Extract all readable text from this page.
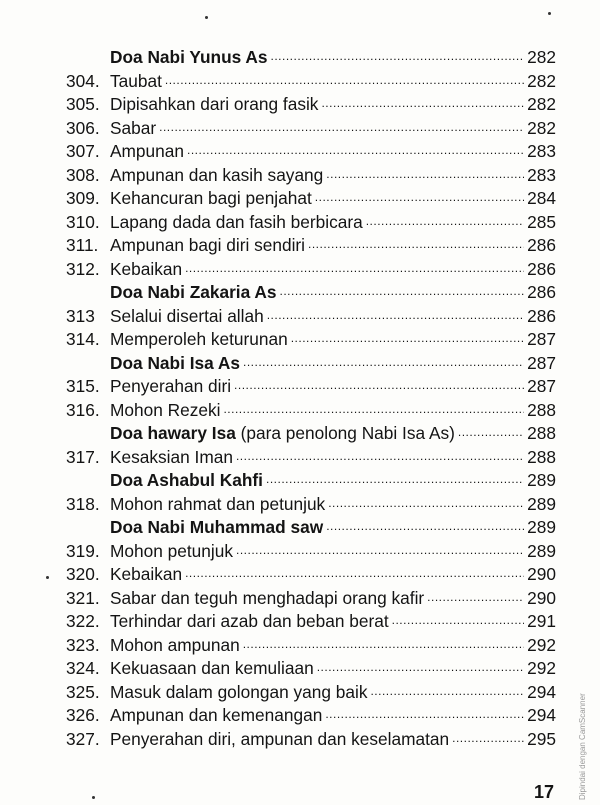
Doa Nabi Yunus As .....	282
304. Taubat .....	282
305. Dipisahkan dari orang fasik .....	282
306. Sabar .....	282
307. Ampunan .....	283
308. Ampunan dan kasih sayang .....	283
309. Kehancuran bagi penjahat .....	284
310. Lapang dada dan fasih berbicara .....	285
311. Ampunan bagi diri sendiri .....	286
312. Kebaikan .....	286
Doa Nabi Zakaria As .....	286
313 Selalui disertai allah .....	286
314. Memperoleh keturunan .....	287
Doa Nabi Isa As .....	287
315. Penyerahan diri .....	287
316. Mohon Rezeki .....	288
Doa hawary Isa (para penolong Nabi Isa As) .....	288
317. Kesaksian Iman .....	288
Doa Ashabul Kahfi .....	289
318. Mohon rahmat dan petunjuk .....	289
Doa Nabi Muhammad saw .....	289
319. Mohon petunjuk .....	289
320. Kebaikan .....	290
321. Sabar dan teguh menghadapi orang kafir .....	290
322. Terhindar dari azab dan beban berat .....	291
323. Mohon ampunan .....	292
324. Kekuasaan dan kemuliaan .....	292
325. Masuk dalam golongan yang baik .....	294
326. Ampunan dan kemenangan .....	294
327. Penyerahan diri, ampunan dan keselamatan .....	295
17	Dipindai dengan CamScanner
